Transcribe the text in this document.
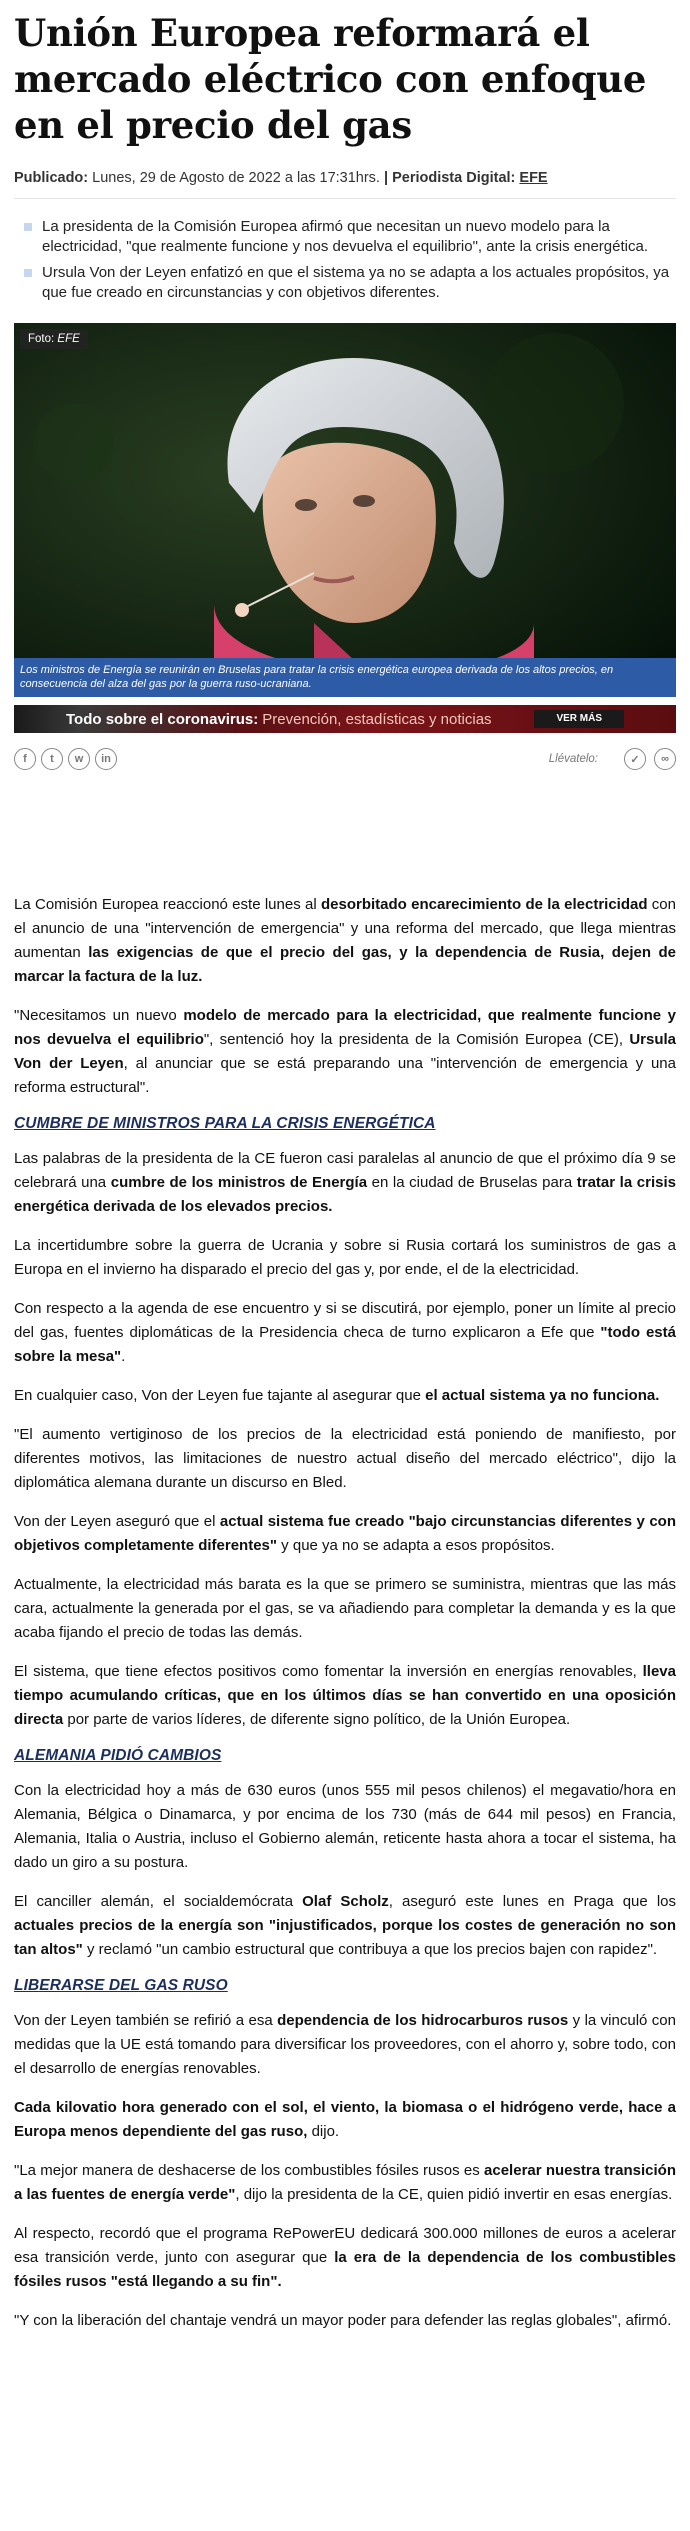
Unión Europea reformará el mercado eléctrico con enfoque en el precio del gas
Publicado: Lunes, 29 de Agosto de 2022 a las 17:31hrs. | Periodista Digital: EFE
La presidenta de la Comisión Europea afirmó que necesitan un nuevo modelo para la electricidad, "que realmente funcione y nos devuelva el equilibrio", ante la crisis energética.
Ursula Von der Leyen enfatizó en que el sistema ya no se adapta a los actuales propósitos, ya que fue creado en circunstancias y con objetivos diferentes.
Foto: EFE
Los ministros de Energía se reunirán en Bruselas para tratar la crisis energética europea derivada de los altos precios, en consecuencia del alza del gas por la guerra ruso-ucraniana.
Todo sobre el coronavirus: Prevención, estadísticas y noticias	VER MÁS
f	t	w	in	Llévatelo:	✓	∞

La Comisión Europea reaccionó este lunes al desorbitado encarecimiento de la electricidad con el anuncio de una "intervención de emergencia" y una reforma del mercado, que llega mientras aumentan las exigencias de que el precio del gas, y la dependencia de Rusia, dejen de marcar la factura de la luz.

"Necesitamos un nuevo modelo de mercado para la electricidad, que realmente funcione y nos devuelva el equilibrio", sentenció hoy la presidenta de la Comisión Europea (CE), Ursula Von der Leyen, al anunciar que se está preparando una "intervención de emergencia y una reforma estructural".

CUMBRE DE MINISTROS PARA LA CRISIS ENERGÉTICA

Las palabras de la presidenta de la CE fueron casi paralelas al anuncio de que el próximo día 9 se celebrará una cumbre de los ministros de Energía en la ciudad de Bruselas para tratar la crisis energética derivada de los elevados precios.

La incertidumbre sobre la guerra de Ucrania y sobre si Rusia cortará los suministros de gas a Europa en el invierno ha disparado el precio del gas y, por ende, el de la electricidad.

Con respecto a la agenda de ese encuentro y si se discutirá, por ejemplo, poner un límite al precio del gas, fuentes diplomáticas de la Presidencia checa de turno explicaron a Efe que "todo está sobre la mesa".

En cualquier caso, Von der Leyen fue tajante al asegurar que el actual sistema ya no funciona.

"El aumento vertiginoso de los precios de la electricidad está poniendo de manifiesto, por diferentes motivos, las limitaciones de nuestro actual diseño del mercado eléctrico", dijo la diplomática alemana durante un discurso en Bled.

Von der Leyen aseguró que el actual sistema fue creado "bajo circunstancias diferentes y con objetivos completamente diferentes" y que ya no se adapta a esos propósitos.

Actualmente, la electricidad más barata es la que se primero se suministra, mientras que las más cara, actualmente la generada por el gas, se va añadiendo para completar la demanda y es la que acaba fijando el precio de todas las demás.

El sistema, que tiene efectos positivos como fomentar la inversión en energías renovables, lleva tiempo acumulando críticas, que en los últimos días se han convertido en una oposición directa por parte de varios líderes, de diferente signo político, de la Unión Europea.

ALEMANIA PIDIÓ CAMBIOS

Con la electricidad hoy a más de 630 euros (unos 555 mil pesos chilenos) el megavatio/hora en Alemania, Bélgica o Dinamarca, y por encima de los 730 (más de 644 mil pesos) en Francia, Alemania, Italia o Austria, incluso el Gobierno alemán, reticente hasta ahora a tocar el sistema, ha dado un giro a su postura.

El canciller alemán, el socialdemócrata Olaf Scholz, aseguró este lunes en Praga que los actuales precios de la energía son "injustificados, porque los costes de generación no son tan altos" y reclamó "un cambio estructural que contribuya a que los precios bajen con rapidez".

LIBERARSE DEL GAS RUSO

Von der Leyen también se refirió a esa dependencia de los hidrocarburos rusos y la vinculó con medidas que la UE está tomando para diversificar los proveedores, con el ahorro y, sobre todo, con el desarrollo de energías renovables.

Cada kilovatio hora generado con el sol, el viento, la biomasa o el hidrógeno verde, hace a Europa menos dependiente del gas ruso, dijo.

"La mejor manera de deshacerse de los combustibles fósiles rusos es acelerar nuestra transición a las fuentes de energía verde", dijo la presidenta de la CE, quien pidió invertir en esas energías.

Al respecto, recordó que el programa RePowerEU dedicará 300.000 millones de euros a acelerar esa transición verde, junto con asegurar que la era de la dependencia de los combustibles fósiles rusos "está llegando a su fin".

"Y con la liberación del chantaje vendrá un mayor poder para defender las reglas globales", afirmó.
